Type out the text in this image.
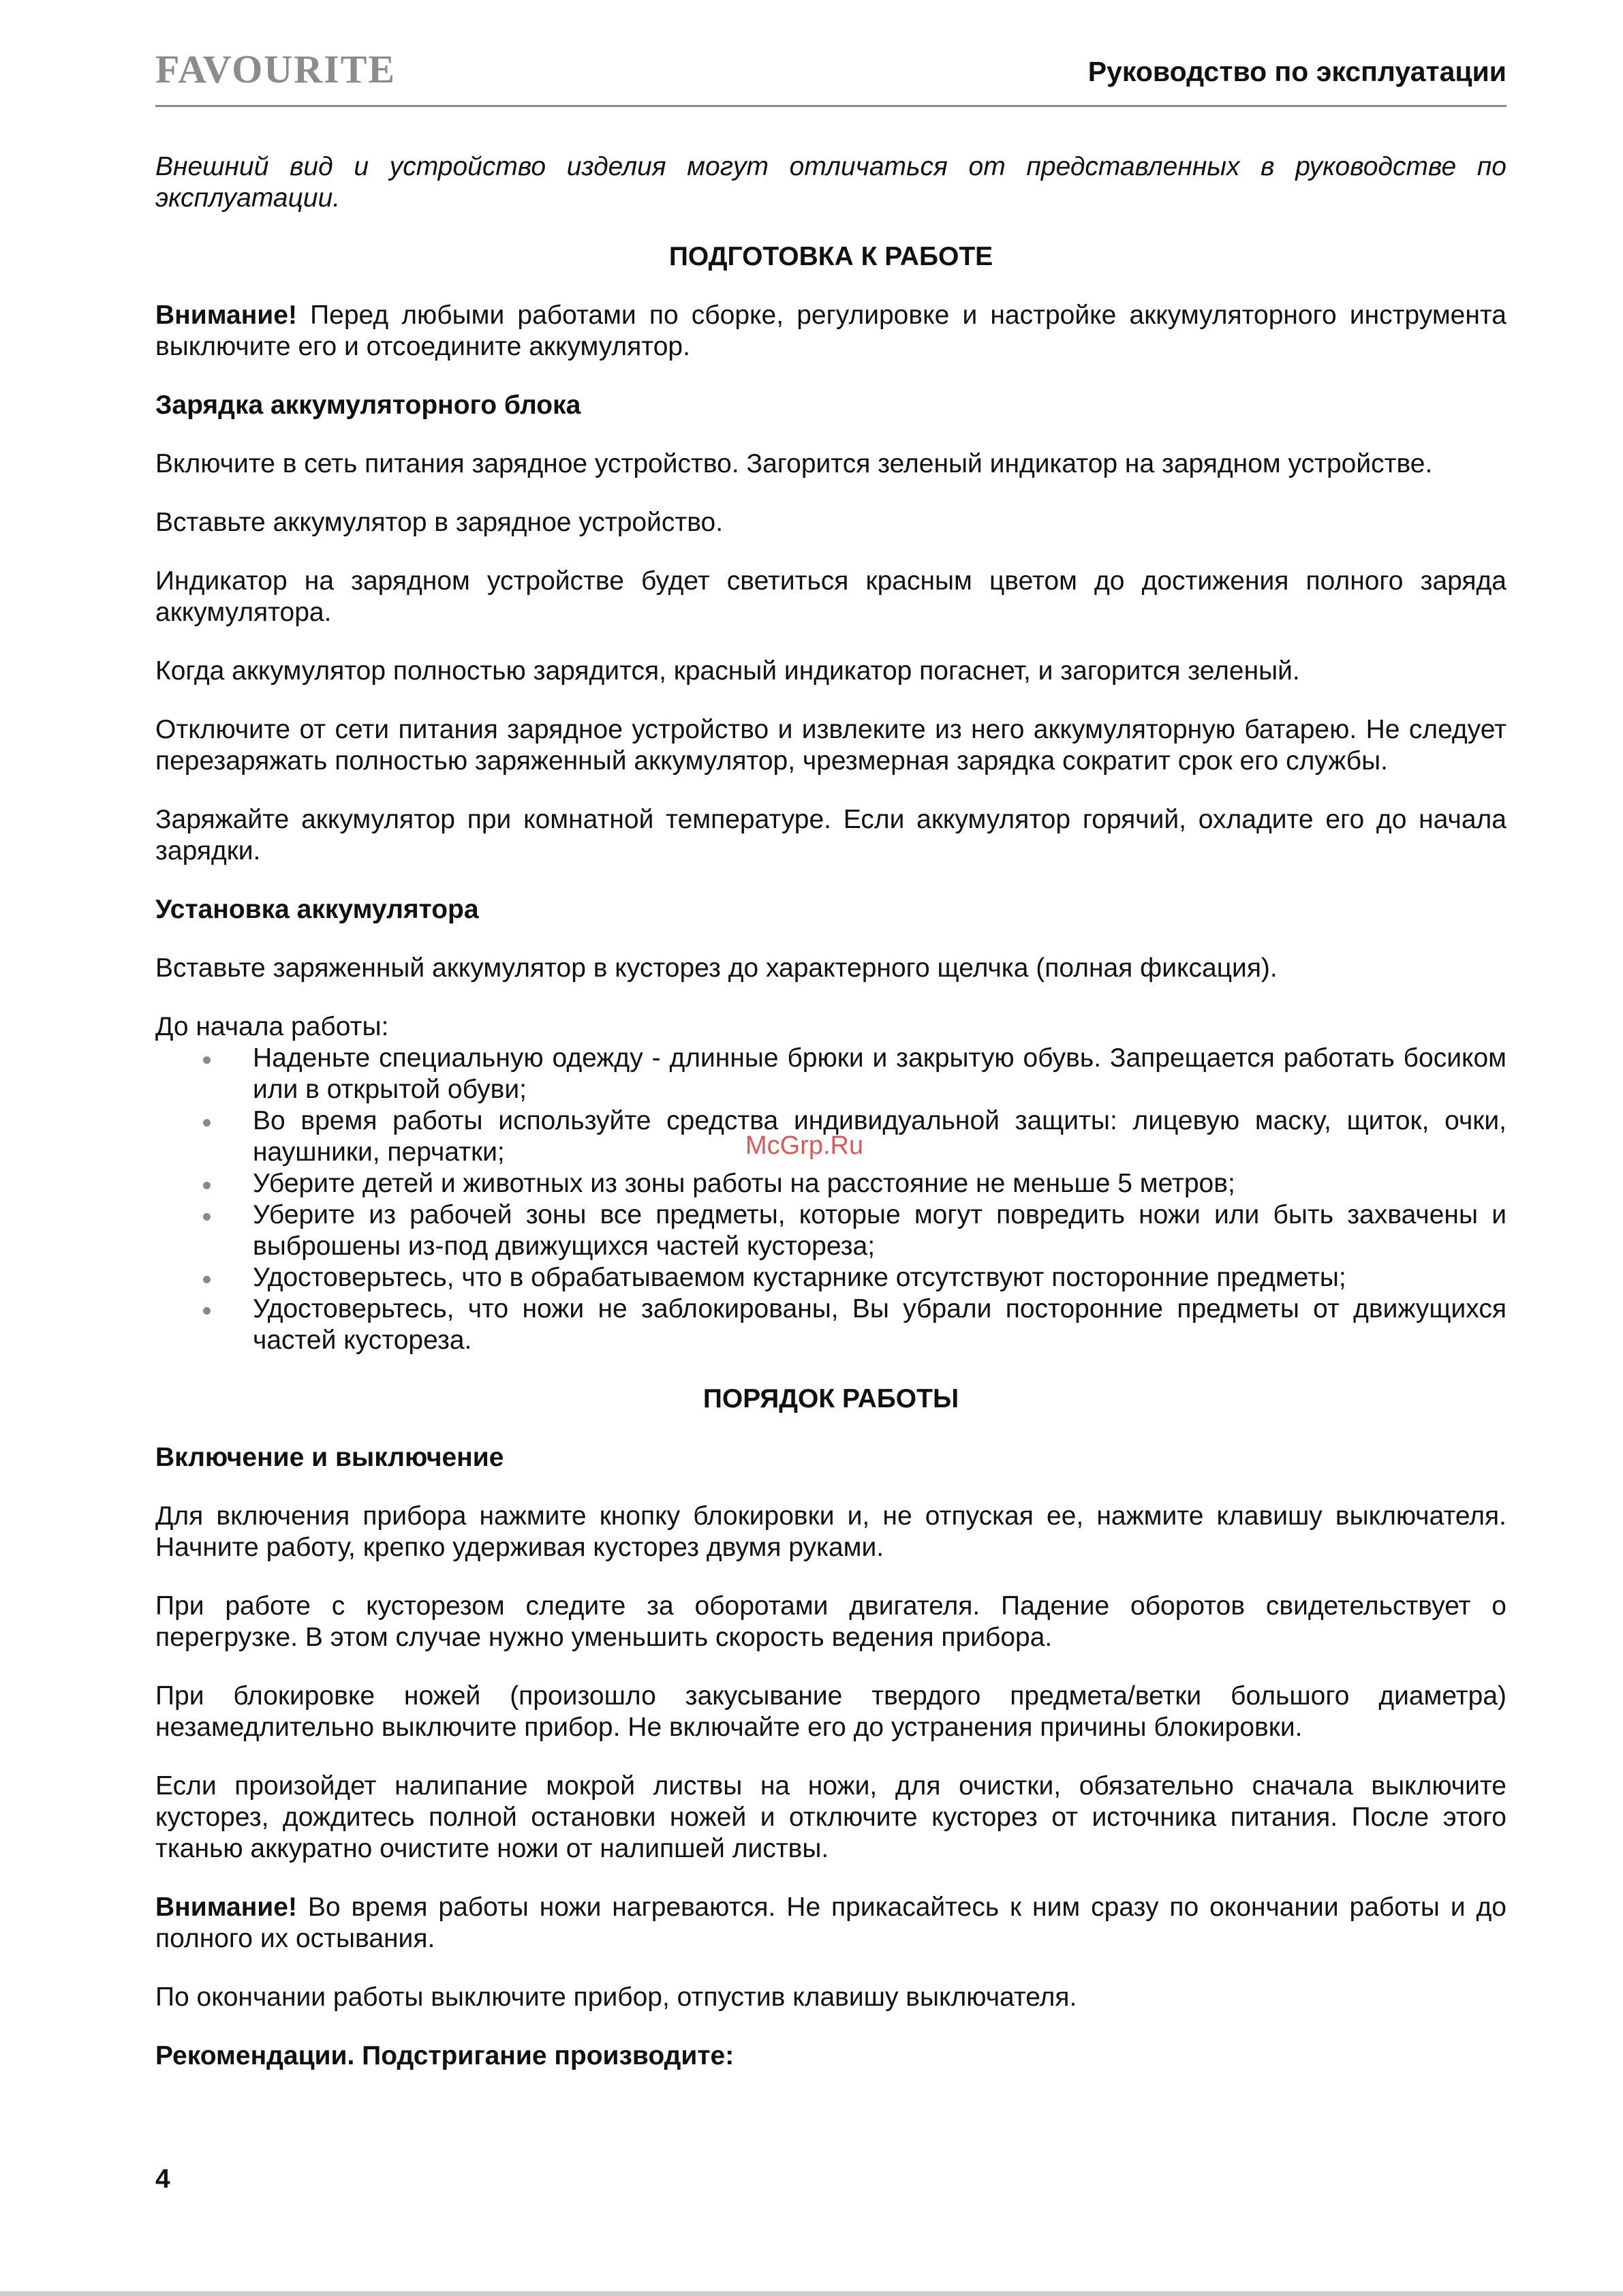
FAVOURITE	Руководство по эксплуатации

Внешний вид и устройство изделия могут отличаться от представленных в руководстве по эксплуатации.

ПОДГОТОВКА К РАБОТЕ

Внимание! Перед любыми работами по сборке, регулировке и настройке аккумуляторного инструмента выключите его и отсоедините аккумулятор.

Зарядка аккумуляторного блока

Включите в сеть питания зарядное устройство. Загорится зеленый индикатор на зарядном устройстве.

Вставьте аккумулятор в зарядное устройство.

Индикатор на зарядном устройстве будет светиться красным цветом до достижения полного заряда аккумулятора.

Когда аккумулятор полностью зарядится, красный индикатор погаснет, и загорится зеленый.

Отключите от сети питания зарядное устройство и извлеките из него аккумуляторную батарею. Не следует перезаряжать полностью заряженный аккумулятор, чрезмерная зарядка сократит срок его службы.

Заряжайте аккумулятор при комнатной температуре. Если аккумулятор горячий, охладите его до начала зарядки.

Установка аккумулятора

Вставьте заряженный аккумулятор в кусторез до характерного щелчка (полная фиксация).

До начала работы:

Наденьте специальную одежду - длинные брюки и закрытую обувь. Запрещается работать босиком или в открытой обуви;
Во время работы используйте средства индивидуальной защиты: лицевую маску, щиток, очки, наушники, перчатки;
Уберите детей и животных из зоны работы на расстояние не меньше 5 метров;
Уберите из рабочей зоны все предметы, которые могут повредить ножи или быть захвачены и выброшены из-под движущихся частей кустореза;
Удостоверьтесь, что в обрабатываемом кустарнике отсутствуют посторонние предметы;
Удостоверьтесь, что ножи не заблокированы, Вы убрали посторонние предметы от движущихся частей кустореза.

ПОРЯДОК РАБОТЫ

Включение и выключение

Для включения прибора нажмите кнопку блокировки и, не отпуская ее, нажмите клавишу выключателя. Начните работу, крепко удерживая кусторез двумя руками.

При работе с кусторезом следите за оборотами двигателя. Падение оборотов свидетельствует о перегрузке. В этом случае нужно уменьшить скорость ведения прибора.

При блокировке ножей (произошло закусывание твердого предмета/ветки большого диаметра) незамедлительно выключите прибор. Не включайте его до устранения причины блокировки.

Если произойдет налипание мокрой листвы на ножи, для очистки, обязательно сначала выключите кусторез, дождитесь полной остановки ножей и отключите кусторез от источника питания. После этого тканью аккуратно очистите ножи от налипшей листвы.

Внимание! Во время работы ножи нагреваются. Не прикасайтесь к ним сразу по окончании работы и до полного их остывания.

По окончании работы выключите прибор, отпустив клавишу выключателя.

Рекомендации. Подстригание производите:

McGrp.Ru
4
